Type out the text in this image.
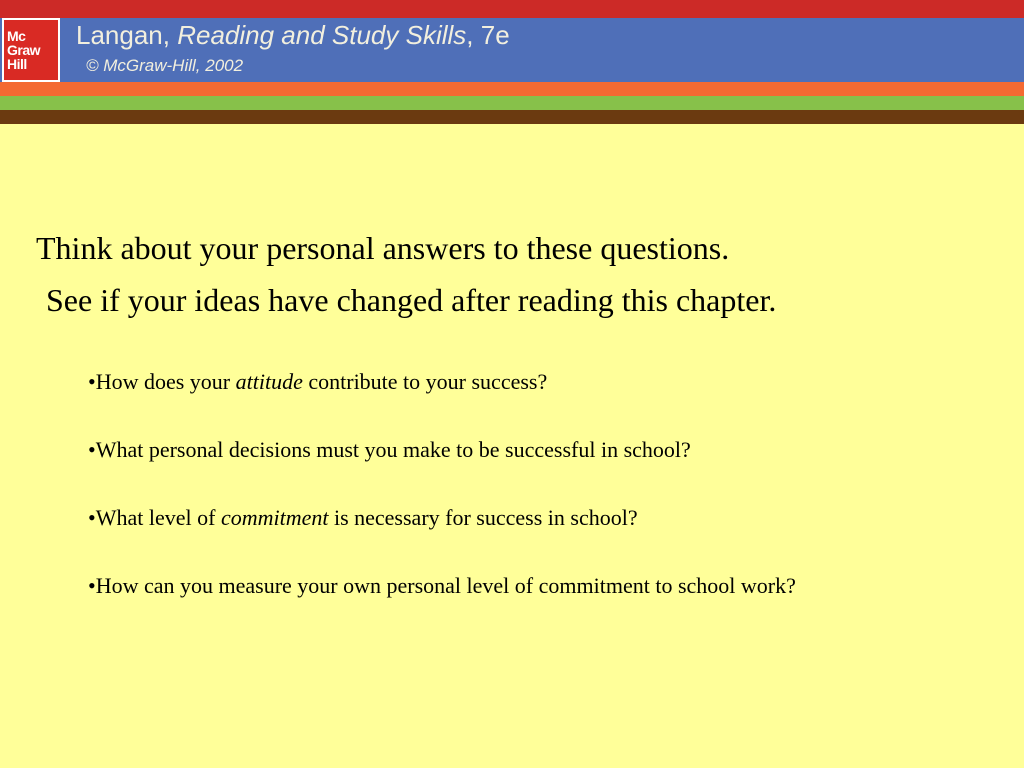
Mc
Graw
Hill
Langan, Reading and Study Skills, 7e
© McGraw-Hill, 2002
Think about your personal answers to these questions.
See if your ideas have changed after reading this chapter.
•How does your attitude contribute to your success?
•What personal decisions must you make to be successful in school?
•What level of commitment is necessary for success in school?
•How can you measure your own personal level of commitment to school work?
